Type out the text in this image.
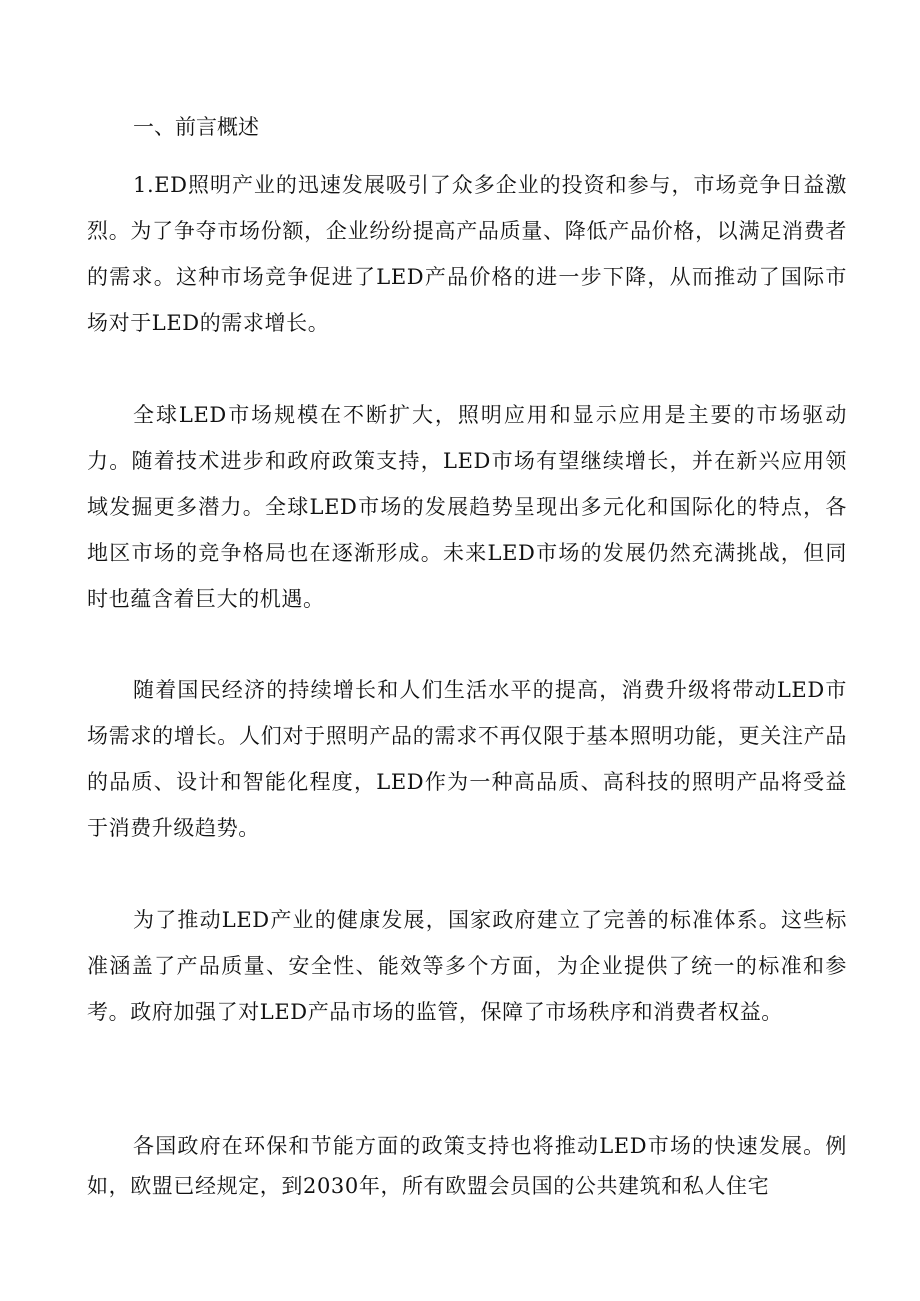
一、前言概述

1.ED照明产业的迅速发展吸引了众多企业的投资和参与，市场竞争日益激烈。为了争夺市场份额，企业纷纷提高产品质量、降低产品价格，以满足消费者的需求。这种市场竞争促进了LED产品价格的进一步下降，从而推动了国际市场对于LED的需求增长。

全球LED市场规模在不断扩大，照明应用和显示应用是主要的市场驱动力。随着技术进步和政府政策支持，LED市场有望继续增长，并在新兴应用领域发掘更多潜力。全球LED市场的发展趋势呈现出多元化和国际化的特点，各地区市场的竞争格局也在逐渐形成。未来LED市场的发展仍然充满挑战，但同时也蕴含着巨大的机遇。

随着国民经济的持续增长和人们生活水平的提高，消费升级将带动LED市场需求的增长。人们对于照明产品的需求不再仅限于基本照明功能，更关注产品的品质、设计和智能化程度，LED作为一种高品质、高科技的照明产品将受益于消费升级趋势。

为了推动LED产业的健康发展，国家政府建立了完善的标准体系。这些标准涵盖了产品质量、安全性、能效等多个方面，为企业提供了统一的标准和参考。政府加强了对LED产品市场的监管，保障了市场秩序和消费者权益。

各国政府在环保和节能方面的政策支持也将推动LED市场的快速发展。例如，欧盟已经规定，到2030年，所有欧盟会员国的公共建筑和私人住宅
